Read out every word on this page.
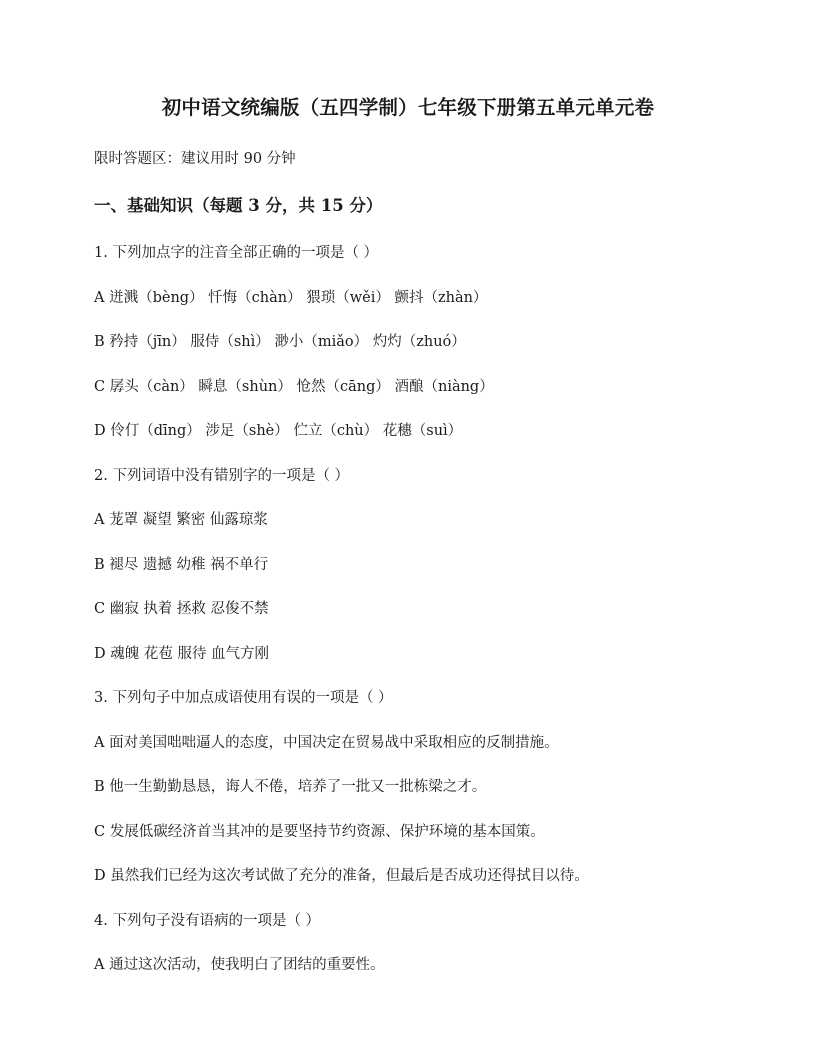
初中语文统编版（五四学制）七年级下册第五单元单元卷
限时答题区：建议用时 90 分钟
一、基础知识（每题 3 分，共 15 分）
1. 下列加点字的注音全部正确的一项是（ ）
A 迸溅（bèng） 忏悔（chàn） 猥琐（wěi） 颤抖（zhàn）
B 矜持（jīn） 服侍（shì） 渺小（miǎo） 灼灼（zhuó）
C 孱头（càn） 瞬息（shùn） 怆然（cāng） 酒酿（niàng）
D 伶仃（dīng） 涉足（shè） 伫立（chù） 花穗（suì）
2. 下列词语中没有错别字的一项是（ ）
A 茏罩 凝望 繁密 仙露琼浆
B 褪尽 遗撼 幼稚 祸不单行
C 幽寂 执着 拯救 忍俊不禁
D 魂魄 花苞 服待 血气方刚
3. 下列句子中加点成语使用有误的一项是（ ）
A 面对美国咄咄逼人的态度，中国决定在贸易战中采取相应的反制措施。
B 他一生勤勤恳恳，诲人不倦，培养了一批又一批栋梁之才。
C 发展低碳经济首当其冲的是要坚持节约资源、保护环境的基本国策。
D 虽然我们已经为这次考试做了充分的准备，但最后是否成功还得拭目以待。
4. 下列句子没有语病的一项是（ ）
A 通过这次活动，使我明白了团结的重要性。
